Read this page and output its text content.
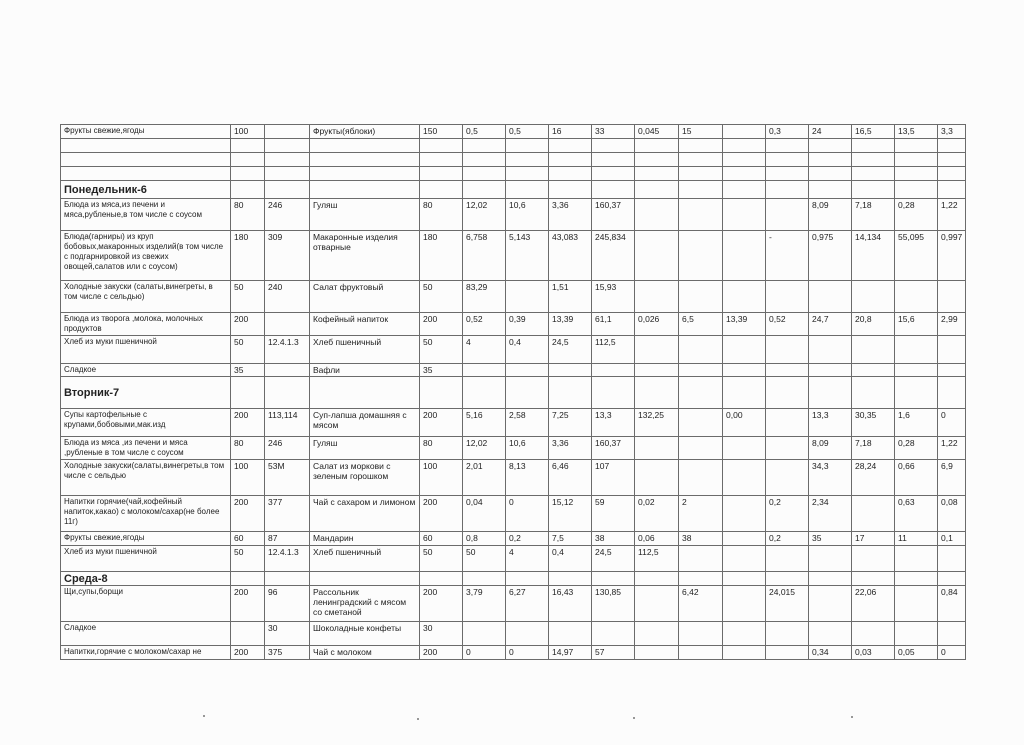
Фрукты свежие,ягоды	100		Фрукты(яблоки)	150	0,5	0,5	16	33	0,045	15		0,3	24	16,5	13,5	3,3

Понедельник-6																
Блюда из мяса,из печени и мяса,рубленые,в том числе с соусом	80	246	Гуляш	80	12,02	10,6	3,36	160,37					8,09	7,18	0,28	1,22
Блюда(гарниры) из круп бобовых,макаронных изделий(в том числе с подгарнировкой из свежих овощей,салатов или с соусом)	180	309	Макаронные изделия отварные	180	6,758	5,143	43,083	245,834				-	0,975	14,134	55,095	0,997
Холодные закуски (салаты,винегреты, в том числе с сельдью)	50	240	Салат фруктовый	50	83,29		1,51	15,93								
Блюда из творога ,молока, молочных продуктов	200		Кофейный напиток	200	0,52	0,39	13,39	61,1	0,026	6,5	13,39	0,52	24,7	20,8	15,6	2,99
Хлеб из муки пшеничной	50	12.4.1.3	Хлеб пшеничный	50	4	0,4	24,5	112,5								
Сладкое	35		Вафли	35												
Вторник-7																
Супы картофельные с крупами,бобовыми,мак.изд	200	113,114	Суп-лапша домашняя с мясом	200	5,16	2,58	7,25	13,3	132,25		0,00		13,3	30,35	1,6	0
Блюда из мяса ,из печени и мяса ,рубленые в том числе с соусом	80	246	Гуляш	80	12,02	10,6	3,36	160,37					8,09	7,18	0,28	1,22
Холодные закуски(салаты,винегреты,в том числе с сельдью	100	53М	Салат из моркови с зеленым горошком	100	2,01	8,13	6,46	107					34,3	28,24	0,66	6,9
Напитки горячие(чай,кофейный напиток,какао) с молоком/сахар(не более 11г)	200	377	Чай с сахаром и лимоном	200	0,04	0	15,12	59	0,02	2		0,2	2,34		0,63	0,08
Фрукты свежие,ягоды	60	87	Мандарин	60	0,8	0,2	7,5	38	0,06	38		0,2	35	17	11	0,1
Хлеб из муки пшеничной	50	12.4.1.3	Хлеб пшеничный	50	50	4	0,4	24,5	112,5							
Среда-8																
Щи,супы,борщи	200	96	Рассольник ленинградский с мясом со сметаной	200	3,79	6,27	16,43	130,85		6,42		24,015		22,06		0,84
Сладкое		30	Шоколадные конфеты	30												
Напитки,горячие с молоком/сахар не	200	375	Чай с молоком	200	0	0	14,97	57					0,34	0,03	0,05	0
